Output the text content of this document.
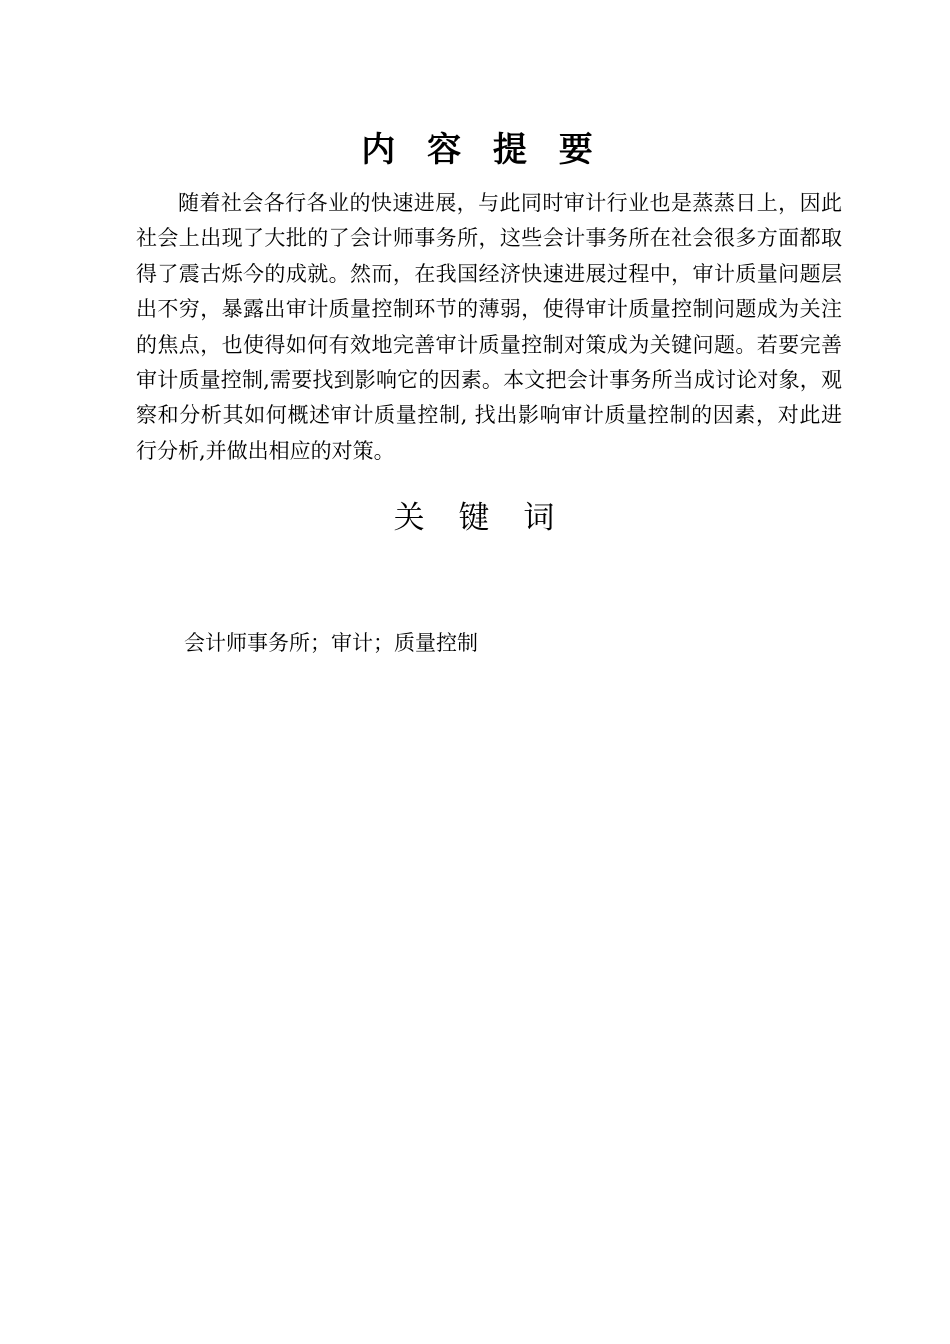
内 容 提 要

随着社会各行各业的快速进展，与此同时审计行业也是蒸蒸日上，因此社会上出现了大批的了会计师事务所，这些会计事务所在社会很多方面都取得了震古烁今的成就。然而，在我国经济快速进展过程中，审计质量问题层出不穷，暴露出审计质量控制环节的薄弱，使得审计质量控制问题成为关注的焦点，也使得如何有效地完善审计质量控制对策成为关键问题。若要完善审计质量控制,需要找到影响它的因素。本文把会计事务所当成讨论对象，观察和分析其如何概述审计质量控制, 找出影响审计质量控制的因素，对此进行分析,并做出相应的对策。

关 键 词

会计师事务所；审计；质量控制
